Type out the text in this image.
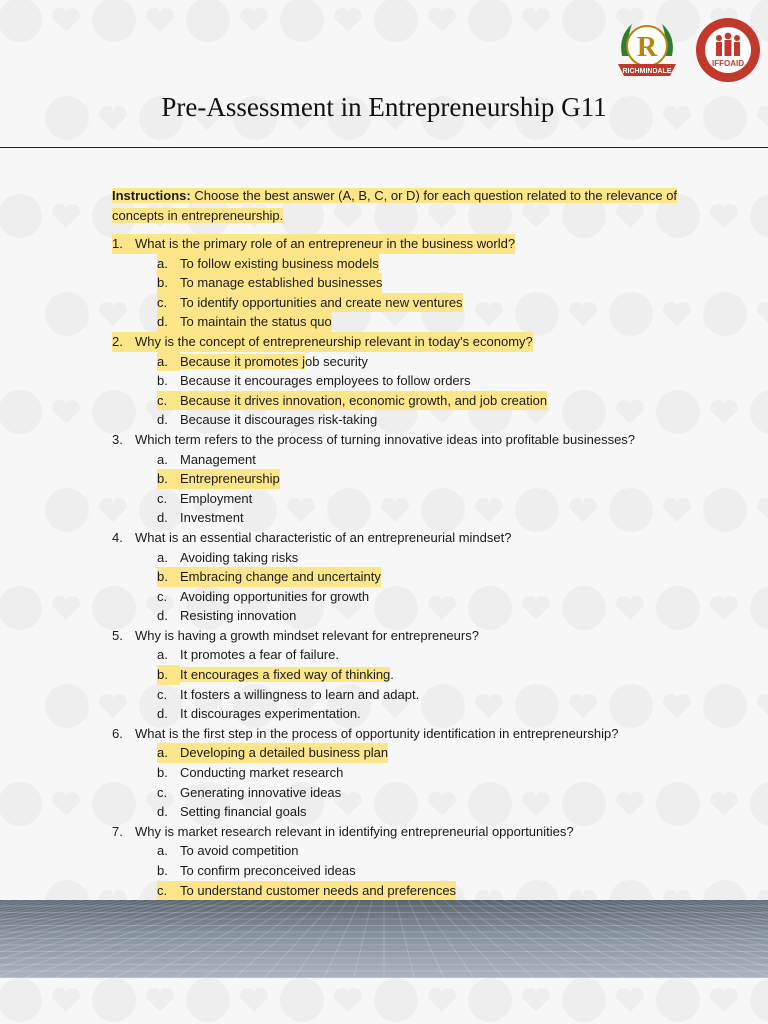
R
RICHMINDALE
IFFOAID
Pre-Assessment in Entrepreneurship G11

Instructions: Choose the best answer (A, B, C, or D) for each question related to the relevance of concepts in entrepreneurship.

1. What is the primary role of an entrepreneur in the business world?
a. To follow existing business models
b. To manage established businesses
c. To identify opportunities and create new ventures
d. To maintain the status quo
2. Why is the concept of entrepreneurship relevant in today's economy?
a. Because it promotes job security
b. Because it encourages employees to follow orders
c. Because it drives innovation, economic growth, and job creation
d. Because it discourages risk-taking
3. Which term refers to the process of turning innovative ideas into profitable businesses?
a. Management
b. Entrepreneurship
c. Employment
d. Investment
4. What is an essential characteristic of an entrepreneurial mindset?
a. Avoiding taking risks
b. Embracing change and uncertainty
c. Avoiding opportunities for growth
d. Resisting innovation
5. Why is having a growth mindset relevant for entrepreneurs?
a. It promotes a fear of failure.
b. It encourages a fixed way of thinking.
c. It fosters a willingness to learn and adapt.
d. It discourages experimentation.
6. What is the first step in the process of opportunity identification in entrepreneurship?
a. Developing a detailed business plan
b. Conducting market research
c. Generating innovative ideas
d. Setting financial goals
7. Why is market research relevant in identifying entrepreneurial opportunities?
a. To avoid competition
b. To confirm preconceived ideas
c. To understand customer needs and preferences
